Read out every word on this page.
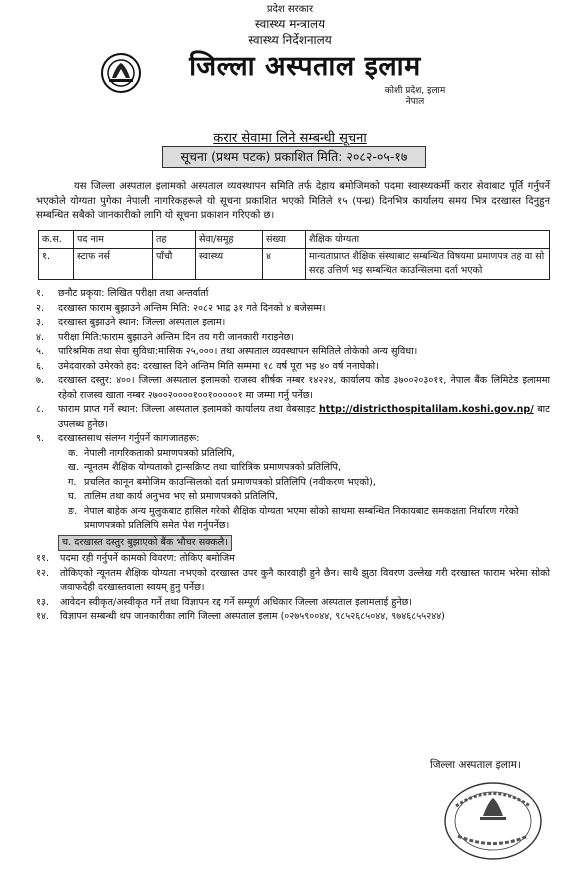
प्रदेश सरकार
स्वास्थ्य मन्त्रालय
स्वास्थ्य निर्देशनालय
जिल्ला अस्पताल इलाम
कोशी प्रदेश, इलाम
नेपाल
करार सेवामा लिने सम्बन्धी सूचना
सूचना (प्रथम पटक) प्रकाशित मिति: २०८२-०५-१७
यस जिल्ला अस्पताल इलामको अस्पताल व्यवस्थापन समिति तर्फ देहाय बमोजिमको पदमा स्वास्थ्यकर्मी करार सेवाबाट पूर्ति गर्नुपर्ने भएकोले योग्यता पुगेका नेपाली नागरिकहरूले यो सूचना प्रकाशित भएको मितिले १५ (पन्ध्र) दिनभित्र कार्यालय समय भित्र दरखास्त दिनुहुन सम्बन्धित सबैको जानकारीको लागि यो सूचना प्रकाशन गरिएको छ।
क.स.	पद नाम	तह	सेवा/समूह	संख्या	शैक्षिक योग्यता
१.	स्टाफ नर्स	पाँचौ	स्वास्थ्य	४	मान्यताप्राप्त शैक्षिक संस्थाबाट सम्बन्धित विषयमा प्रमाणपत्र तह वा सो सरह उत्तिर्ण भइ सम्बन्धित काउन्सिलमा दर्ता भएको
१.	छनौट प्रकृया: लिखित परीक्षा तथा अन्तर्वार्ता
२.	दरखास्त फाराम बुझाउने अन्तिम मिति: २०८२ भाद्र ३१ गते दिनको ४ बजेसम्म।
३.	दरखास्त बुझाउने स्थान: जिल्ला अस्पताल इलाम।
४.	परीक्षा मिति:फाराम बुझाउने अन्तिम दिन तय गरी जानकारी गराइनेछ।
५.	पारिश्रमिक तथा सेवा सुविधा:मासिक २५,०००। तथा अस्पताल व्यवस्थापन समितिले तोकेको अन्य सुविधा।
६.	उमेदवारको उमेरको हद: दरखास्त दिने अन्तिम मिति सम्ममा १८ वर्ष पूरा भइ ४० वर्ष ननाघेको।
७.	दरखास्त दस्तुर: ४००। जिल्ला अस्पताल इलामको राजस्व शीर्षक नम्बर १४२२४, कार्यालय कोड ३७००२०३०११, नेपाल बैंक लिमिटेड इलाममा रहेको राजस्व खाता नम्बर २७००२००००१००१०००००१ मा जम्मा गर्नु पर्नेछ।
८.	फाराम प्राप्त गर्ने स्थान: जिल्ला अस्पताल इलामको कार्यालय तथा वेबसाइट http://districthospitalilam.koshi.gov.np/ बाट उपलब्ध हुनेछ।
९.	दरखास्तसाथ संलग्न गर्नुपर्ने कागजातहरू:
क. नेपाली नागरिकताको प्रमाणपत्रको प्रतिलिपि,
ख. न्यूनतम शैक्षिक योग्यताको ट्रान्सक्रिप्ट तथा चारित्रिक प्रमाणपत्रको प्रतिलिपि,
ग. प्रचलित कानून बमोजिम काउन्सिलको दर्ता प्रमाणपत्रको प्रतिलिपि (नवीकरण भएको),
घ. तालिम तथा कार्य अनुभव भए सो प्रमाणपत्रको प्रतिलिपि,
ङ. नेपाल बाहेक अन्य मुलुकबाट हासिल गरेको शैक्षिक योग्यता भएमा सोको साथमा सम्बन्धित निकायबाट समकक्षता निर्धारण गरेको प्रमाणपत्रको प्रतिलिपि समेत पेश गर्नुपर्नेछ।
च. दरखास्त दस्तुर बुझाएको बैंक भौचर सक्कलै।
११.	पदमा रही गर्नुपर्ने कामको विवरण: तोकिए बमोजिम
१२.	तोकिएको न्यूनतम शैक्षिक योग्यता नभएको दरखास्त उपर कुनै कारवाही हुने छैन। साथै झुठा विवरण उल्लेख गरी दरखास्त फाराम भरेमा सोको जवाफदेही दरखास्तवाला स्वयम् हुनु पर्नेछ।
१३.	आवेदन स्वीकृत/अस्वीकृत गर्ने तथा विज्ञापन रद्द गर्ने सम्पूर्ण अधिकार जिल्ला अस्पताल इलामलाई हुनेछ।
१४.	विज्ञापन सम्बन्धी थप जानकारीका लागि जिल्ला अस्पताल इलाम (०२७५९००४४, ९८५२६८५०४४, ९७४६८५५२४४)
जिल्ला अस्पताल इलाम।
